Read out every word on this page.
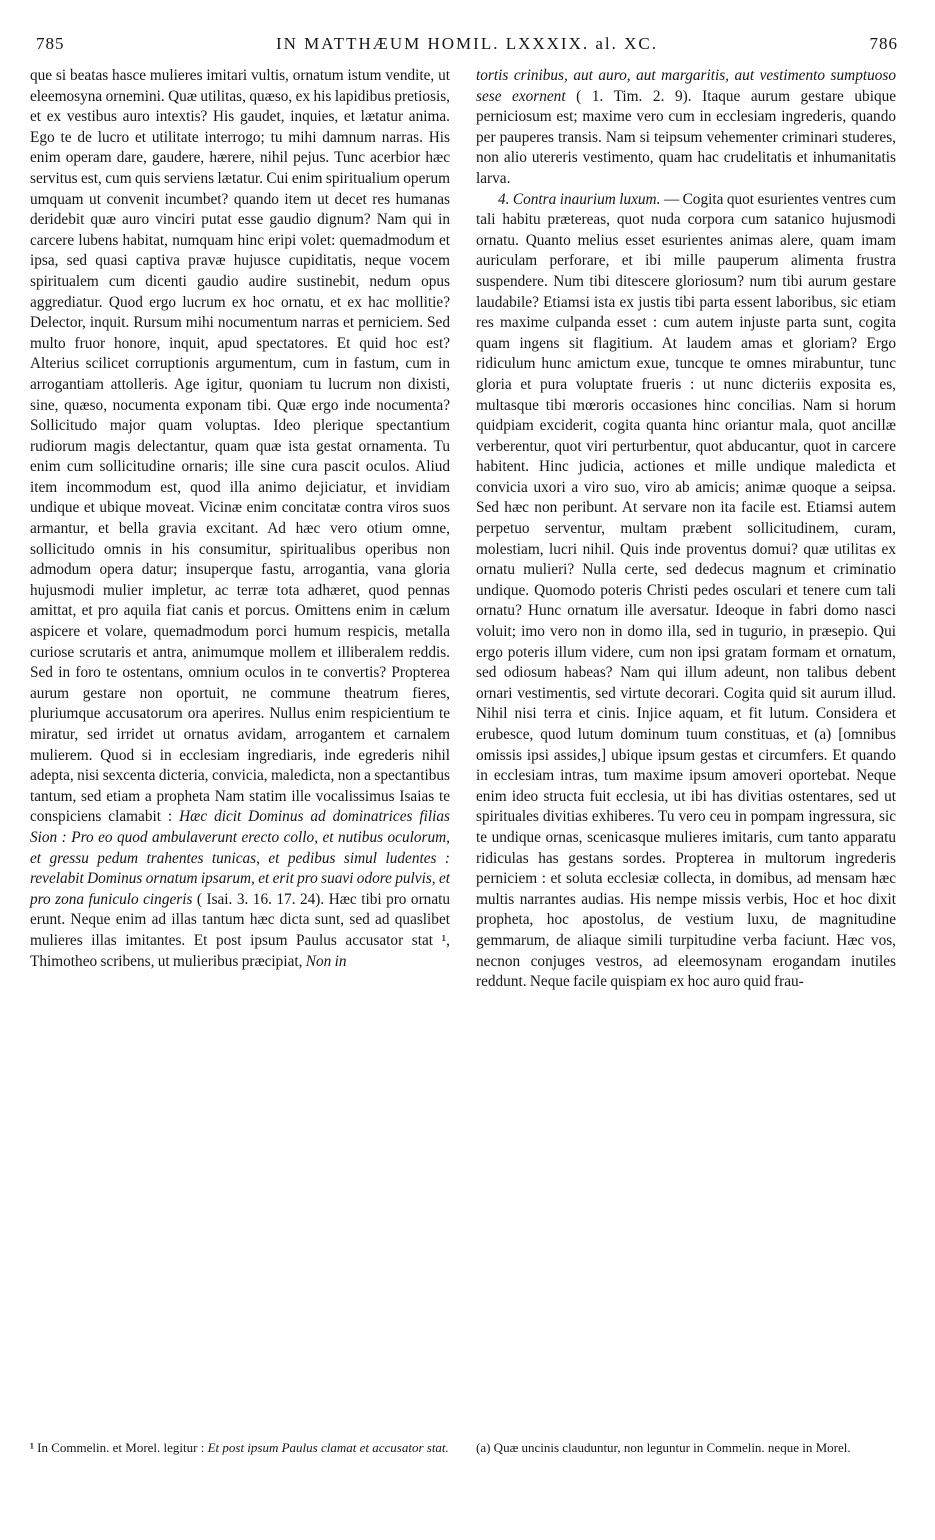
785	IN MATTHÆUM HOMIL. LXXXIX. al. XC.	786

que si beatas hasce mulieres imitari vultis, ornatum istum vendite, ut eleemosyna ornemini. Quæ utilitas, quæso, ex his lapidibus pretiosis, et ex vestibus auro intextis? His gaudet, inquies, et lætatur anima. Ego te de lucro et utilitate interrogo; tu mihi damnum narras. His enim operam dare, gaudere, hærere, nihil pejus. Tunc acerbior hæc servitus est, cum quis serviens lætatur. Cui enim spiritualium operum umquam ut convenit incumbet? quando item ut decet res humanas deridebit quæ auro vinciri putat esse gaudio dignum? Nam qui in carcere lubens habitat, numquam hinc eripi volet: quemadmodum et ipsa, sed quasi captiva pravæ hujusce cupiditatis, neque vocem spiritualem cum dicenti gaudio audire sustinebit, nedum opus aggrediatur. Quod ergo lucrum ex hoc ornatu, et ex hac mollitie? Delector, inquit. Rursum mihi nocumentum narras et perniciem. Sed multo fruor honore, inquit, apud spectatores. Et quid hoc est? Alterius scilicet corruptionis argumentum, cum in fastum, cum in arrogantiam attolleris. Age igitur, quoniam tu lucrum non dixisti, sine, quæso, nocumenta exponam tibi. Quæ ergo inde nocumenta? Sollicitudo major quam voluptas. Ideo plerique spectantium rudiorum magis delectantur, quam quæ ista gestat ornamenta. Tu enim cum sollicitudine ornaris; ille sine cura pascit oculos. Aliud item incommodum est, quod illa animo dejiciatur, et invidiam undique et ubique moveat. Vicinæ enim concitatæ contra viros suos armantur, et bella gravia excitant. Ad hæc vero otium omne, sollicitudo omnis in his consumitur, spiritualibus operibus non admodum opera datur; insuperque fastu, arrogantia, vana gloria hujusmodi mulier impletur, ac terræ tota adhæret, quod pennas amittat, et pro aquila fiat canis et porcus. Omittens enim in cælum aspicere et volare, quemadmodum porci humum respicis, metalla curiose scrutaris et antra, animumque mollem et illiberalem reddis. Sed in foro te ostentans, omnium oculos in te convertis? Propterea aurum gestare non oportuit, ne commune theatrum fieres, pluriumque accusatorum ora aperires. Nullus enim respicientium te miratur, sed irridet ut ornatus avidam, arrogantem et carnalem mulierem. Quod si in ecclesiam ingrediaris, inde egrederis nihil adepta, nisi sexcenta dicteria, convicia, maledicta, non a spectantibus tantum, sed etiam a propheta Nam statim ille vocalissimus Isaias te conspiciens clamabit : Hæc dicit Dominus ad dominatrices filias Sion : Pro eo quod ambulaverunt erecto collo, et nutibus oculorum, et gressu pedum trahentes tunicas, et pedibus simul ludentes : revelabit Dominus ornatum ipsarum, et erit pro suavi odore pulvis, et pro zona funiculo cingeris ( Isai. 3. 16. 17. 24). Hæc tibi pro ornatu erunt. Neque enim ad illas tantum hæc dicta sunt, sed ad quaslibet mulieres illas imitantes. Et post ipsum Paulus accusator stat ¹, Thimotheo scribens, ut mulieribus præcipiat, Non in

tortis crinibus, aut auro, aut margaritis, aut vestimento sumptuoso sese exornent ( 1. Tim. 2. 9). Itaque aurum gestare ubique perniciosum est; maxime vero cum in ecclesiam ingrederis, quando per pauperes transis. Nam si teipsum vehementer criminari studeres, non alio utereris vestimento, quam hac crudelitatis et inhumanitatis larva.

4. Contra inaurium luxum. — Cogita quot esurientes ventres cum tali habitu prætereas, quot nuda corpora cum satanico hujusmodi ornatu. Quanto melius esset esurientes animas alere, quam imam auriculam perforare, et ibi mille pauperum alimenta frustra suspendere. Num tibi ditescere gloriosum? num tibi aurum gestare laudabile? Etiamsi ista ex justis tibi parta essent laboribus, sic etiam res maxime culpanda esset : cum autem injuste parta sunt, cogita quam ingens sit flagitium. At laudem amas et gloriam? Ergo ridiculum hunc amictum exue, tuncque te omnes mirabuntur, tunc gloria et pura voluptate frueris : ut nunc dicteriis exposita es, multasque tibi mœroris occasiones hinc concilias. Nam si horum quidpiam exciderit, cogita quanta hinc oriantur mala, quot ancillæ verberentur, quot viri perturbentur, quot abducantur, quot in carcere habitent. Hinc judicia, actiones et mille undique maledicta et convicia uxori a viro suo, viro ab amicis; animæ quoque a seipsa. Sed hæc non peribunt. At servare non ita facile est. Etiamsi autem perpetuo serventur, multam præbent sollicitudinem, curam, molestiam, lucri nihil. Quis inde proventus domui? quæ utilitas ex ornatu mulieri? Nulla certe, sed dedecus magnum et criminatio undique. Quomodo poteris Christi pedes osculari et tenere cum tali ornatu? Hunc ornatum ille aversatur. Ideoque in fabri domo nasci voluit; imo vero non in domo illa, sed in tugurio, in præsepio. Qui ergo poteris illum videre, cum non ipsi gratam formam et ornatum, sed odiosum habeas? Nam qui illum adeunt, non talibus debent ornari vestimentis, sed virtute decorari. Cogita quid sit aurum illud. Nihil nisi terra et cinis. Injice aquam, et fit lutum. Considera et erubesce, quod lutum dominum tuum constituas, et (a) [omnibus omissis ipsi assides,] ubique ipsum gestas et circumfers. Et quando in ecclesiam intras, tum maxime ipsum amoveri oportebat. Neque enim ideo structa fuit ecclesia, ut ibi has divitias ostentares, sed ut spirituales divitias exhiberes. Tu vero ceu in pompam ingressura, sic te undique ornas, scenicasque mulieres imitaris, cum tanto apparatu ridiculas has gestans sordes. Propterea in multorum ingrederis perniciem : et soluta ecclesiæ collecta, in domibus, ad mensam hæc multis narrantes audias. His nempe missis verbis, Hoc et hoc dixit propheta, hoc apostolus, de vestium luxu, de magnitudine gemmarum, de aliaque simili turpitudine verba faciunt. Hæc vos, necnon conjuges vestros, ad eleemosynam erogandam inutiles reddunt. Neque facile quispiam ex hoc auro quid frau-

¹ In Commelin. et Morel. legitur : Et post ipsum Paulus clamat et accusator stat. (a) Quæ uncinis clauduntur, non leguntur in Commelin. neque in Morel.
